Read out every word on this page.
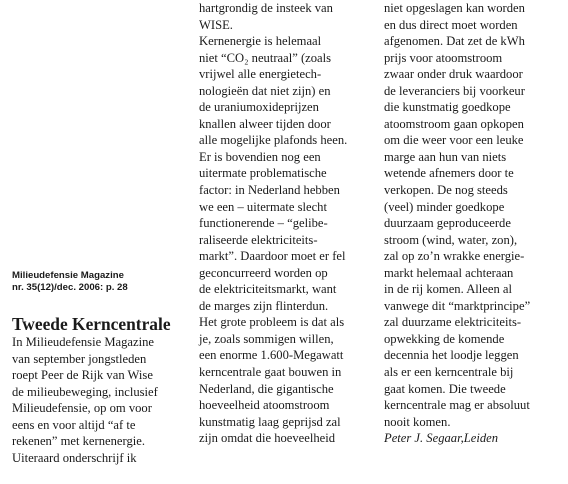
Milieudefensie Magazine
nr. 35(12)/dec. 2006: p. 28
Tweede Kerncentrale
In Milieudefensie Magazine
van september jongstleden
roept Peer de Rijk van Wise
de milieubeweging, inclusief
Milieudefensie, op om voor
eens en voor altijd “af te
rekenen” met kernenergie.
Uiteraard onderschrijf ik
hartgrondig de insteek van
WISE.
Kernenergie is helemaal
niet “CO₂ neutraal” (zoals
vrijwel alle energietech-
nologieën dat niet zijn) en
de uraniumoxideprijzen
knallen alweer tijden door
alle mogelijke plafonds heen.
Er is bovendien nog een
uitermate problematische
factor: in Nederland hebben
we een – uitermate slecht
functionerende – “gelibe-
raliseerde elektriciteits-
markt”. Daardoor moet er fel
geconcurreerd worden op
de elektriciteitsmarkt, want
de marges zijn flinterdun.
Het grote probleem is dat als
je, zoals sommigen willen,
een enorme 1.600-Megawatt
kerncentrale gaat bouwen in
Nederland, die gigantische
hoeveelheid atoomstroom
kunstmatig laag geprijsd zal
zijn omdat die hoeveelheid
niet opgeslagen kan worden
en dus direct moet worden
afgenomen. Dat zet de kWh
prijs voor atoomstroom
zwaar onder druk waardoor
de leveranciers bij voorkeur
die kunstmatig goedkope
atoomstroom gaan opkopen
om die weer voor een leuke
marge aan hun van niets
wetende afnemers door te
verkopen. De nog steeds
(veel) minder goedkope
duurzaam geproduceerde
stroom (wind, water, zon),
zal op zo’n wrakke energie-
markt helemaal achteraan
in de rij komen. Alleen al
vanwege dit “marktprincipe”
zal duurzame elektriciteits-
opwekking de komende
decennia het loodje leggen
als er een kerncentrale bij
gaat komen. Die tweede
kerncentrale mag er absoluut
nooit komen.
Peter J. Segaar,Leiden
